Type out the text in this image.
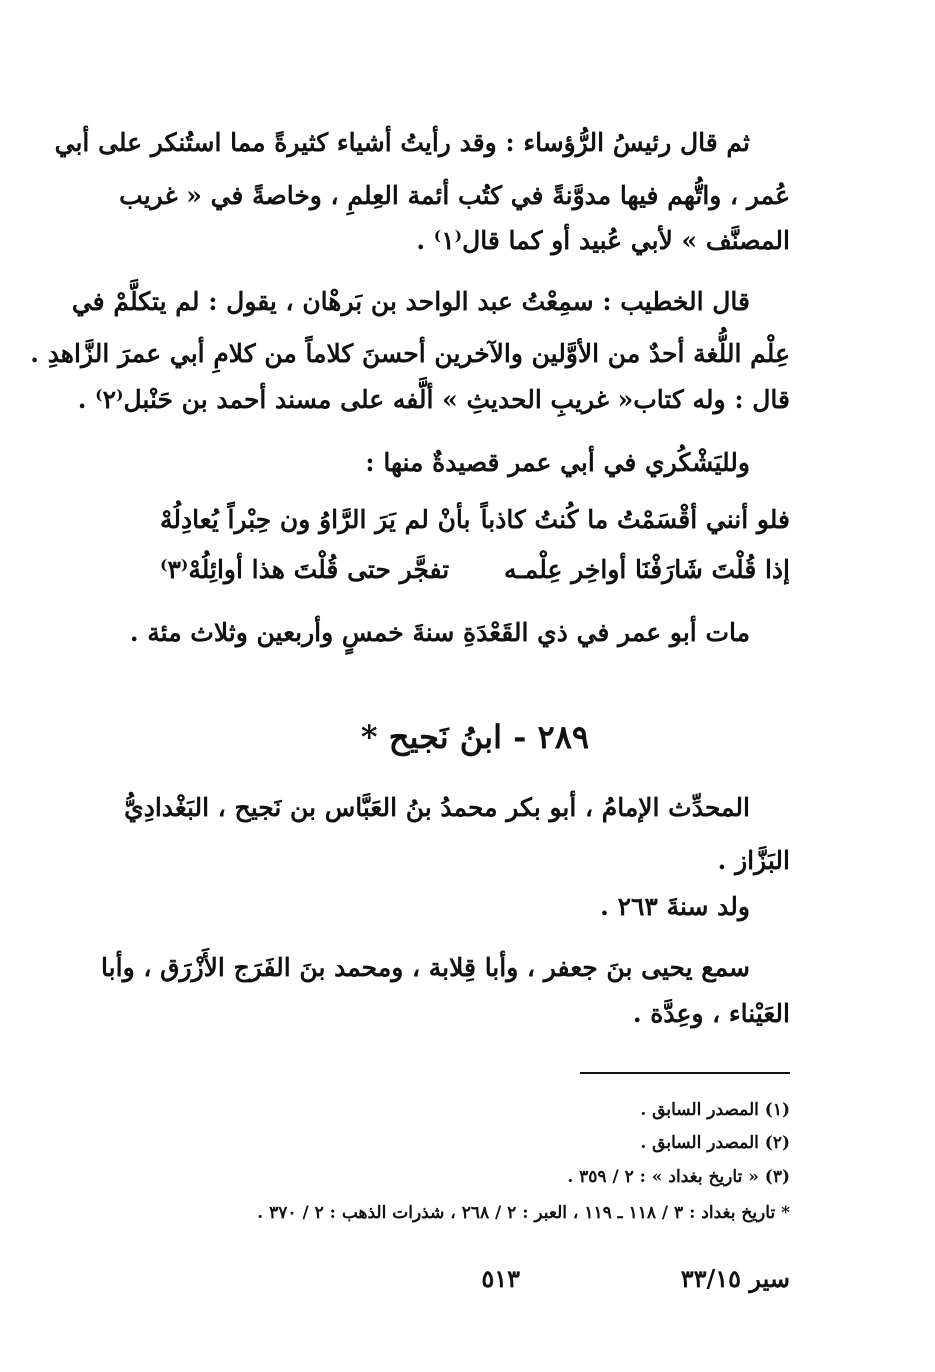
ثم قال رئيسُ الرُّؤساء : وقد رأيتُ أشياء كثيرةً مما استُنكر على أبي
عُمر ، واتُّهم فيها مدوَّنةً في كتُب أئمة العِلمِ ، وخاصةً في « غريب
المصنَّف » لأبي عُبيد أو كما قال⁽١⁾ .
قال الخطيب : سمِعْتُ عبد الواحد بن بَرهْان ، يقول : لم يتكلَّمْ في
عِلْم اللُّغة أحدٌ من الأوَّلين والآخرين أحسنَ كلاماً من كلامِ أبي عمرَ الزَّاهدِ .
قال : وله كتاب« غريبِ الحديثِ » ألَّفه على مسند أحمد بن حَنْبل⁽٢⁾ .
ولليَشْكُري في أبي عمر قصيدةٌ منها :
فلو أنني أقْسَمْتُ ما كُنتُ كاذباً
بأنْ لم يَرَ الرَّاوُ ون حِبْراً يُعادِلُهْ
إذا قُلْتَ شَارَفْنَا أواخِر عِلْمـه
تفجَّر حتى قُلْتَ هذا أوائِلُهْ⁽٣⁾
مات أبو عمر في ذي القَعْدَةِ سنةَ خمسٍ وأربعين وثلاث مئة .
٢٨٩ - ابنُ نَجيح *
المحدِّث الإمامُ ، أبو بكر محمدُ بنُ العَبَّاس بن نَجيح ، البَغْدادِيُّ
البَزَّاز .
ولد سنةَ ٢٦٣ .
سمع يحيى بنَ جعفر ، وأبا قِلابة ، ومحمد بنَ الفَرَج الأَزْرَق ، وأبا
العَيْناء ، وعِدَّة .
(١) المصدر السابق .
(٢) المصدر السابق .
(٣) « تاريخ بغداد » : ٢ / ٣٥٩ .
* تاريخ بغداد : ٣ / ١١٨ ـ ١١٩ ، العبر : ٢ / ٢٦٨ ، شذرات الذهب : ٢ / ٣٧٠ .
سير ٣٣/١٥
٥١٣
